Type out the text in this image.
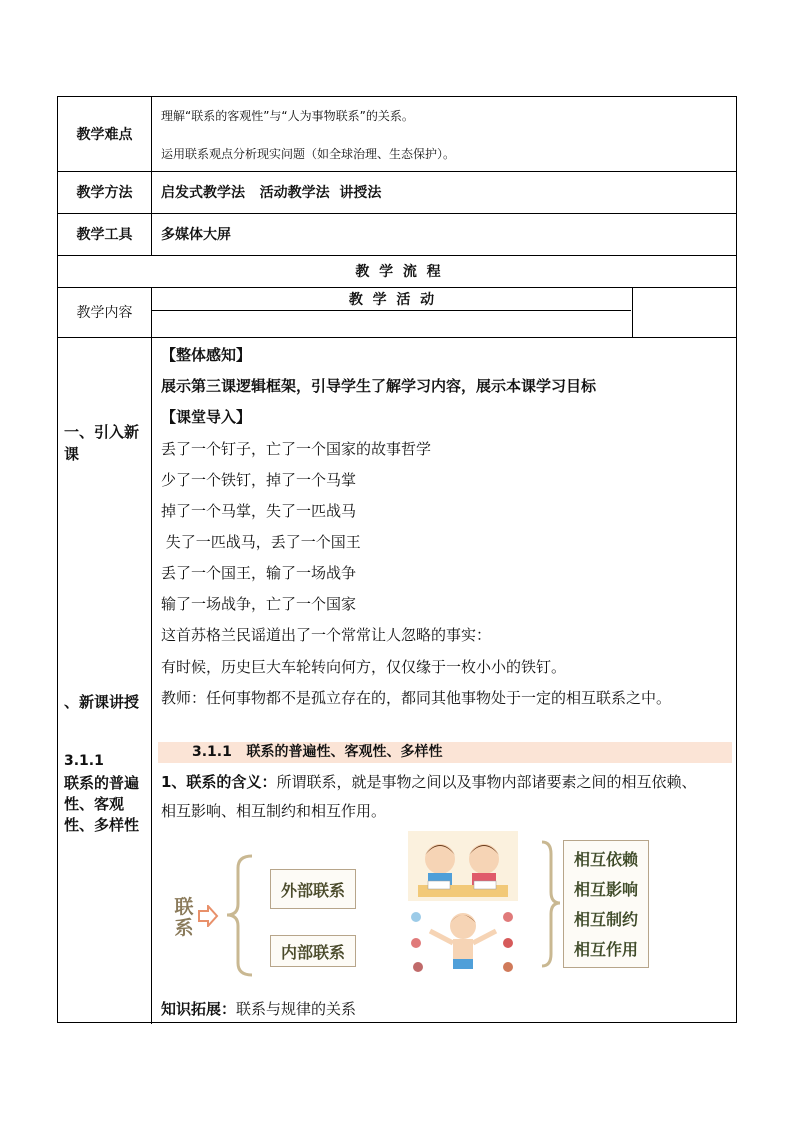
教学难点
理解“联系的客观性”与“人为事物联系”的关系。
运用联系观点分析现实问题（如全球治理、生态保护）。
教学方法	启发式教学法   活动教学法  讲授法
教学工具	多媒体大屏
教  学  流  程
教学内容
教  学  活  动
一、引入新课
、新课讲授
3.1.1
联系的普遍性、客观性、多样性
【整体感知】
展示第三课逻辑框架，引导学生了解学习内容，展示本课学习目标
【课堂导入】
丢了一个钉子，亡了一个国家的故事哲学
少了一个铁钉，掉了一个马掌
掉了一个马掌，失了一匹战马
失了一匹战马，丢了一个国王
丢了一个国王，输了一场战争
输了一场战争，亡了一个国家
这首苏格兰民谣道出了一个常常让人忽略的事实：
有时候，历史巨大车轮转向何方，仅仅缘于一枚小小的铁钉。
教师：任何事物都不是孤立存在的，都同其他事物处于一定的相互联系之中。
3.1.1   联系的普遍性、客观性、多样性
1、联系的含义：所谓联系，就是事物之间以及事物内部诸要素之间的相互依赖、
相互影响、相互制约和相互作用。
联系
外部联系
内部联系
相互依赖
相互影响
相互制约
相互作用
知识拓展：联系与规律的关系
